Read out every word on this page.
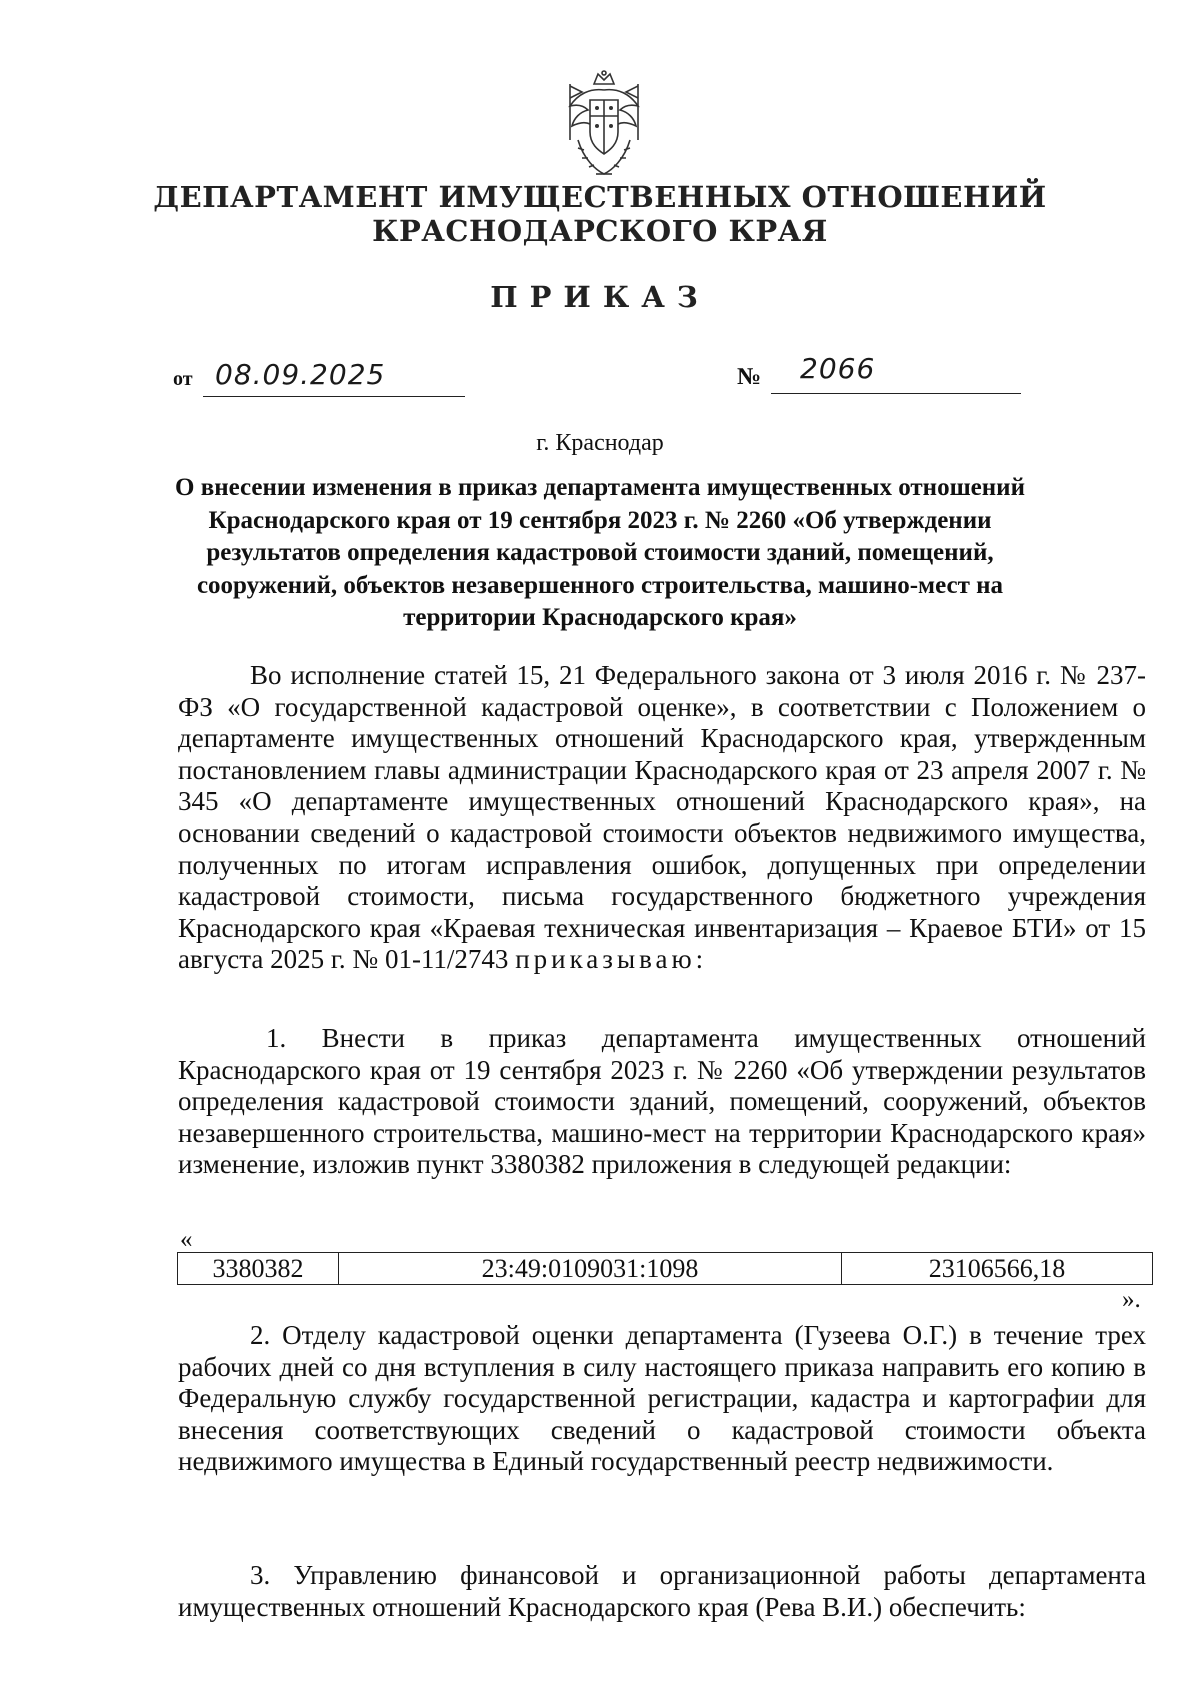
ДЕПАРТАМЕНТ ИМУЩЕСТВЕННЫХ ОТНОШЕНИЙ
КРАСНОДАРСКОГО КРАЯ
ПРИКАЗ
от 08.09.2025	№ 2066
г. Краснодар
О внесении изменения в приказ департамента имущественных отношений Краснодарского края от 19 сентября 2023 г. № 2260 «Об утверждении результатов определения кадастровой стоимости зданий, помещений, сооружений, объектов незавершенного строительства, машино-мест на территории Краснодарского края»
Во исполнение статей 15, 21 Федерального закона от 3 июля 2016 г. № 237-ФЗ «О государственной кадастровой оценке», в соответствии с Положением о департаменте имущественных отношений Краснодарского края, утвержденным постановлением главы администрации Краснодарского края от 23 апреля 2007 г. № 345 «О департаменте имущественных отношений Краснодарского края», на основании сведений о кадастровой стоимости объектов недвижимого имущества, полученных по итогам исправления ошибок, допущенных при определении кадастровой стоимости, письма государственного бюджетного учреждения Краснодарского края «Краевая техническая инвентаризация – Краевое БТИ» от 15 августа 2025 г. № 01-11/2743 приказываю:
1. Внести в приказ департамента имущественных отношений Краснодарского края от 19 сентября 2023 г. № 2260 «Об утверждении результатов определения кадастровой стоимости зданий, помещений, сооружений, объектов незавершенного строительства, машино-мест на территории Краснодарского края» изменение, изложив пункт 3380382 приложения в следующей редакции:
«
3380382	23:49:0109031:1098	23106566,18
».
2. Отделу кадастровой оценки департамента (Гузеева О.Г.) в течение трех рабочих дней со дня вступления в силу настоящего приказа направить его копию в Федеральную службу государственной регистрации, кадастра и картографии для внесения соответствующих сведений о кадастровой стоимости объекта недвижимого имущества в Единый государственный реестр недвижимости.
3. Управлению финансовой и организационной работы департамента имущественных отношений Краснодарского края (Рева В.И.) обеспечить:
